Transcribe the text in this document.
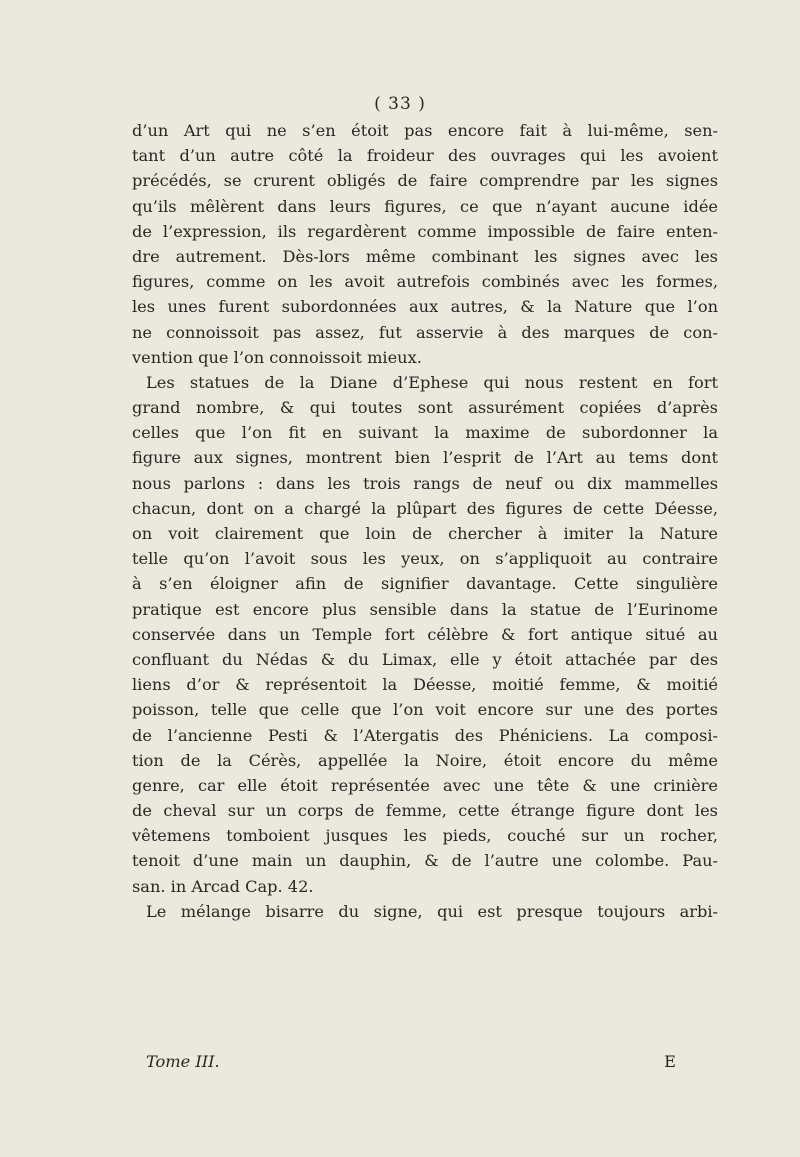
( 33 )
d’un Art qui ne s’en étoit pas encore fait à lui-même, sen-
tant d’un autre côté la froideur des ouvrages qui les avoient
précédés, se crurent obligés de faire comprendre par les signes
qu’ils mêlèrent dans leurs figures, ce que n’ayant aucune idée
de l’expression, ils regardèrent comme impossible de faire enten-
dre autrement. Dès-lors même combinant les signes avec les
figures, comme on les avoit autrefois combinés avec les formes,
les unes furent subordonnées aux autres, & la Nature que l’on
ne connoissoit pas assez, fut asservie à des marques de con-
vention que l’on connoissoit mieux.
Les statues de la Diane d’Ephese qui nous restent en fort
grand nombre, & qui toutes sont assurément copiées d’après
celles que l’on fit en suivant la maxime de subordonner la
figure aux signes, montrent bien l’esprit de l’Art au tems dont
nous parlons : dans les trois rangs de neuf ou dix mammelles
chacun, dont on a chargé la plûpart des figures de cette Déesse,
on voit clairement que loin de chercher à imiter la Nature
telle qu’on l’avoit sous les yeux, on s’appliquoit au contraire
à s’en éloigner afin de signifier davantage. Cette singulière
pratique est encore plus sensible dans la statue de l’Eurinome
conservée dans un Temple fort célèbre & fort antique situé au
confluant du Nédas & du Limax, elle y étoit attachée par des
liens d’or & représentoit la Déesse, moitié femme, & moitié
poisson, telle que celle que l’on voit encore sur une des portes
de l’ancienne Pesti & l’Atergatis des Phéniciens. La composi-
tion de la Cérès, appellée la Noire, étoit encore du même
genre, car elle étoit représentée avec une tête & une crinière
de cheval sur un corps de femme, cette étrange figure dont les
vêtemens tomboient jusques les pieds, couché sur un rocher,
tenoit d’une main un dauphin, & de l’autre une colombe. Pau-
san. in Arcad Cap. 42.
Le mélange bisarre du signe, qui est presque toujours arbi-
Tome III.	E
